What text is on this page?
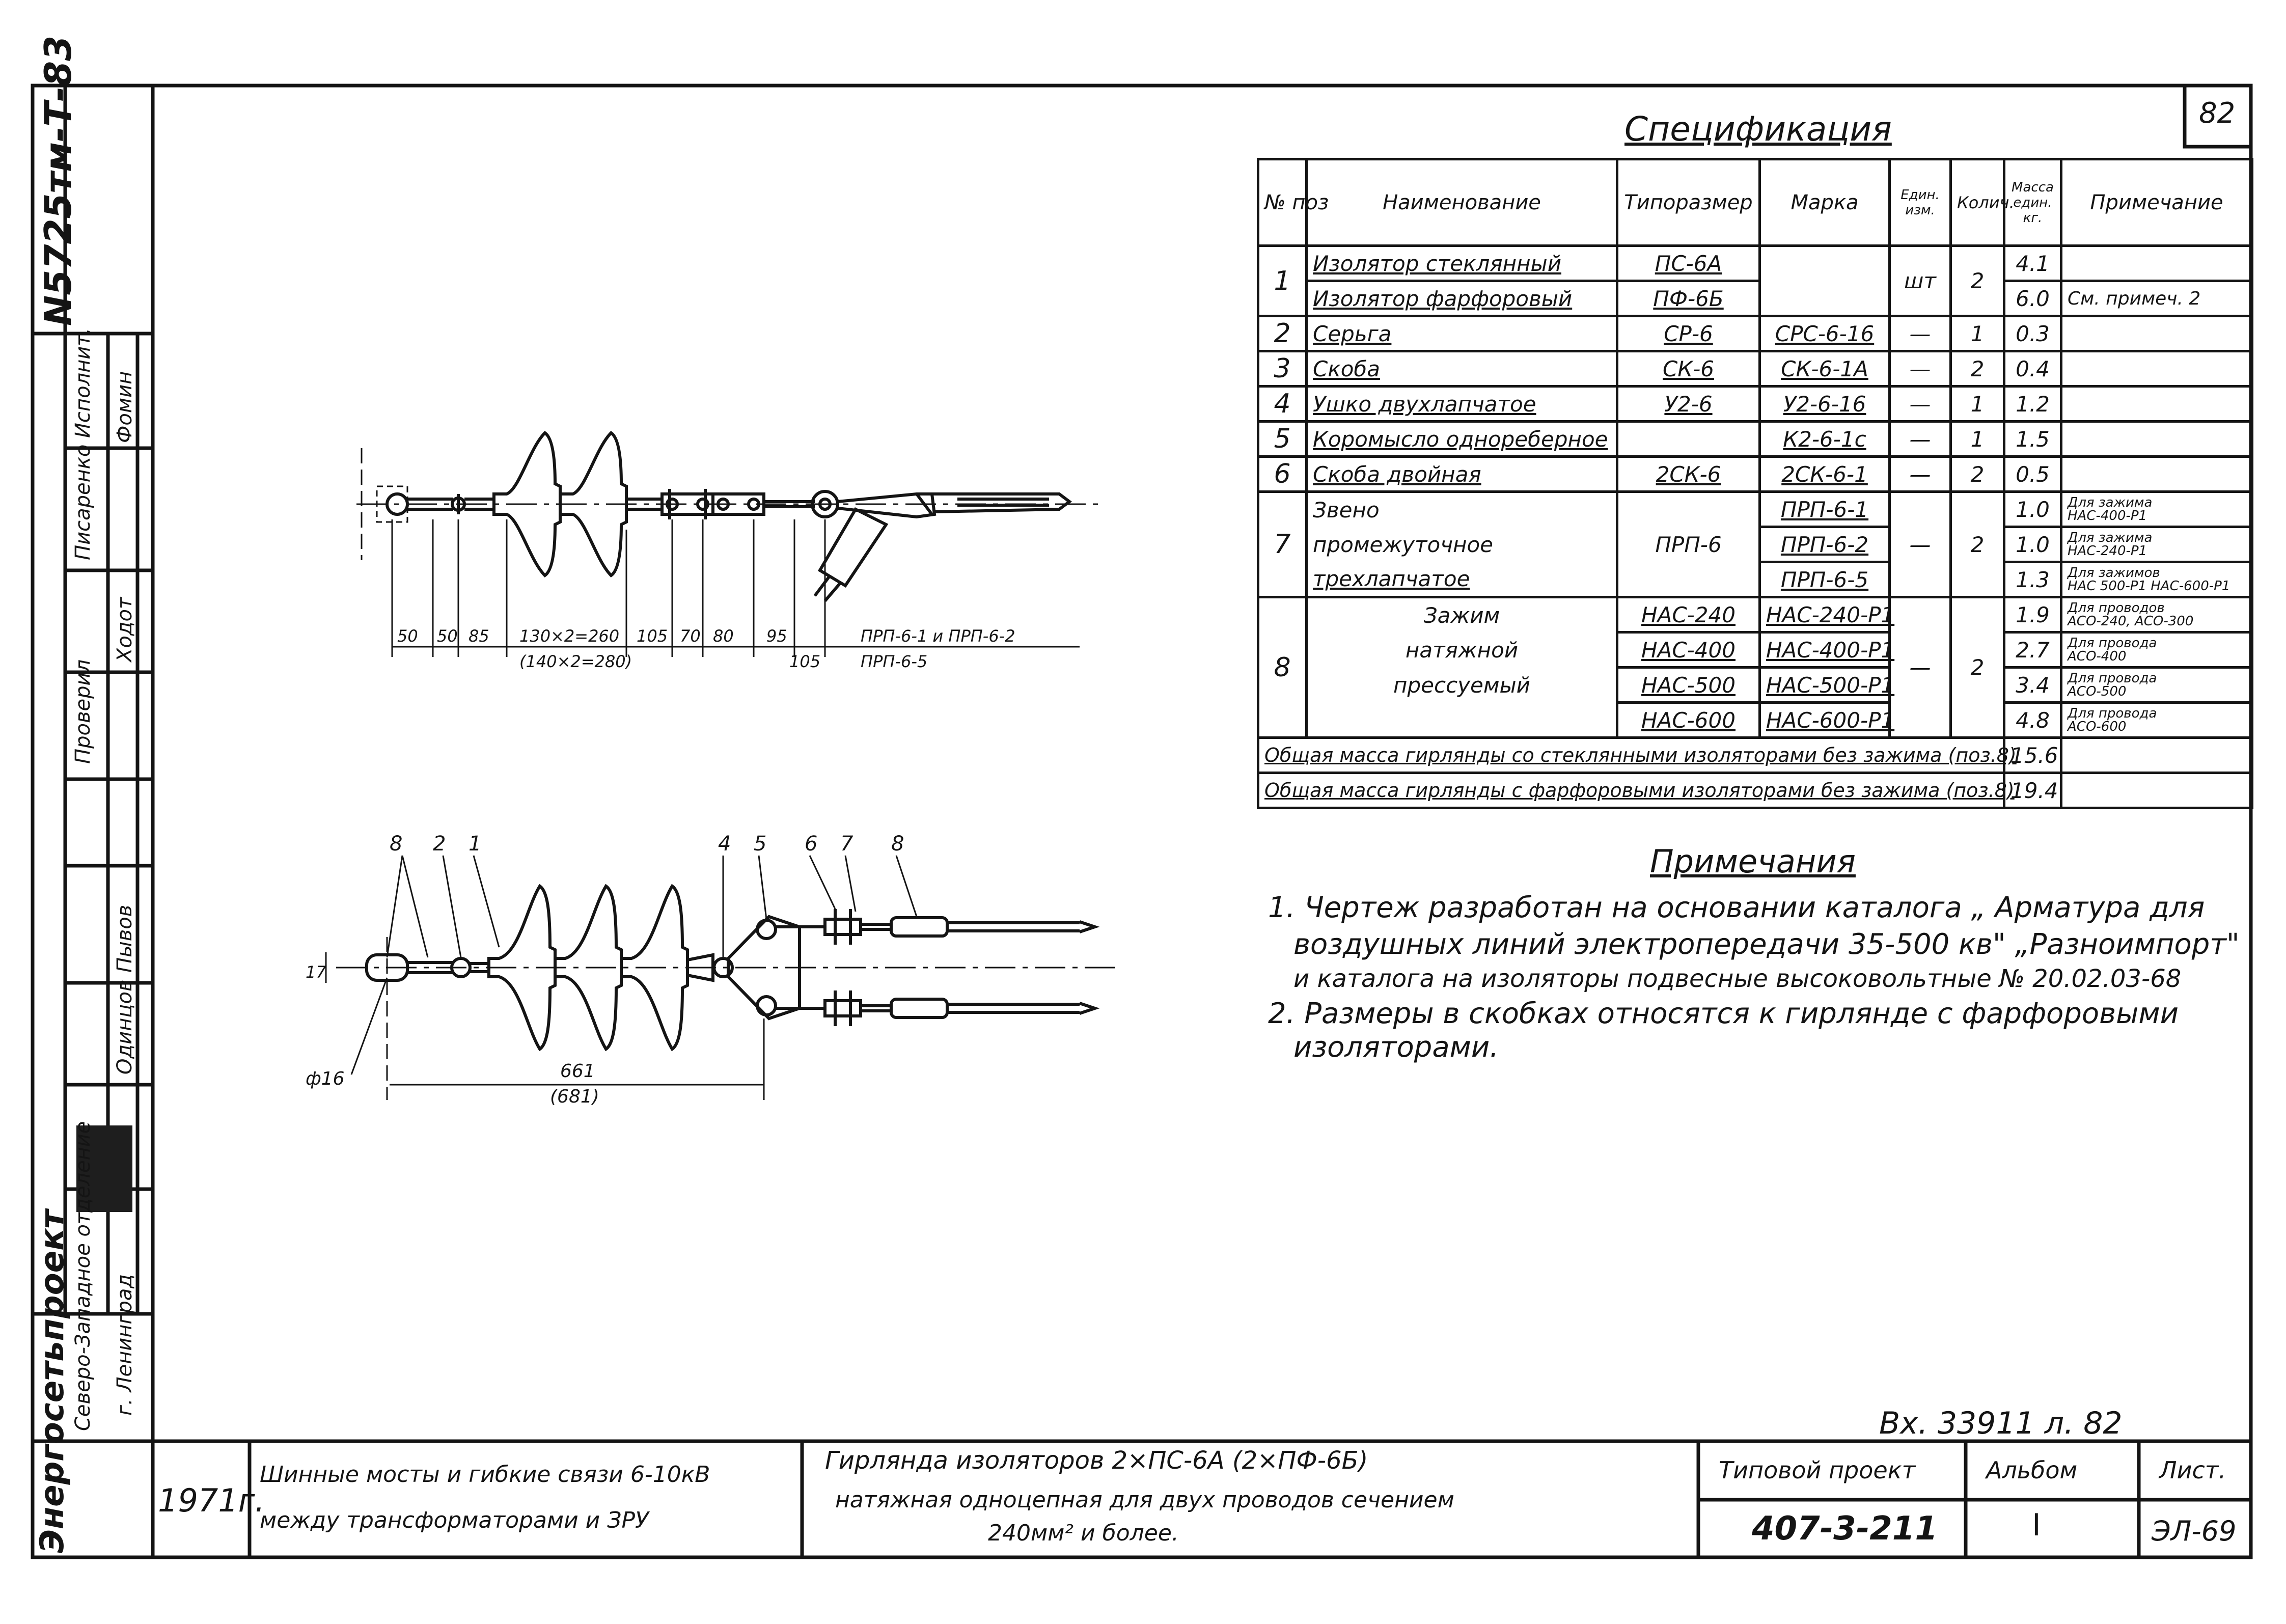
82
N5725тм-Т-83
Исполнит.
Проверил
Ходот
Пывов
Фомин
Писаренко
Одинцов
Энергосетьпроект Северо-Западное отделение г. Ленинград
Спецификация
№ поз	Наименование	Типоразмер	Марка	Един. изм.	Колич.	Масса един. кг.	Примечание
1	Изолятор стеклянный	ПС-6А		шт	2	4.1	
	Изолятор фарфоровый	ПФ-6Б				6.0	См. примеч. 2
2	Серьга	СР-6	СРС-6-16	—	1	0.3	
3	Скоба	СК-6	СК-6-1А	—	2	0.4	
4	Ушко двухлапчатое	У2-6	У2-6-16	—	1	1.2	
5	Коромысло однореберное		К2-6-1с	—	1	1.5	
6	Скоба двойная	2СК-6	2СК-6-1	—	2	0.5	
7	Звено	ПРП-6	ПРП-6-1	—	2	1.0	Для зажима
НАС-400-Р1

	промежуточное		ПРП-6-2			1.0	Для зажима
НАС-240-Р1

	трехлапчатое		ПРП-6-5			1.3	Для зажимов
НАС 500-Р1 НАС-600-Р1

8	Зажим	НАС-240	НАС-240-Р1	—	2	1.9	Для проводов
АСО-240, АСО-300

	натяжной	НАС-400	НАС-400-Р1			2.7	Для провода
АСО-400

	прессуемый	НАС-500	НАС-500-Р1			3.4	Для провода
АСО-500

		НАС-600	НАС-600-Р1			4.8	Для провода
АСО-600

Общая масса гирлянды со стеклянными изоляторами без зажима (поз.8)						15.6	
Общая масса гирлянды с фарфоровыми изоляторами без зажима (поз.8)						19.4	
Примечания
1. Чертеж разработан на основании каталога „ Арматура для
воздушных линий электропередачи 35-500 кв" „Разноимпорт"
и каталога на изоляторы подвесные высоковольтные № 20.02.03-68
2. Размеры в скобках относятся к гирлянде с фарфоровыми
изоляторами.
50 50 85 130×2=260
(140×2=280)
105 70 80 95
105
ПРП-6-1 и ПРП-6-2
ПРП-6-5
8 2 1	4 5 6 7 8
17
ф16	661
(681)
Вх. 33911 л. 82
1971г.
Шинные мосты и гибкие связи 6-10кВ
между трансформаторами и ЗРУ
Гирлянда изоляторов 2×ПС-6А (2×ПФ-6Б)
натяжная одноцепная для двух проводов сечением
240мм² и более.
Типовой проект
407-3-211
Альбом
I
Лист.
ЭЛ-69
